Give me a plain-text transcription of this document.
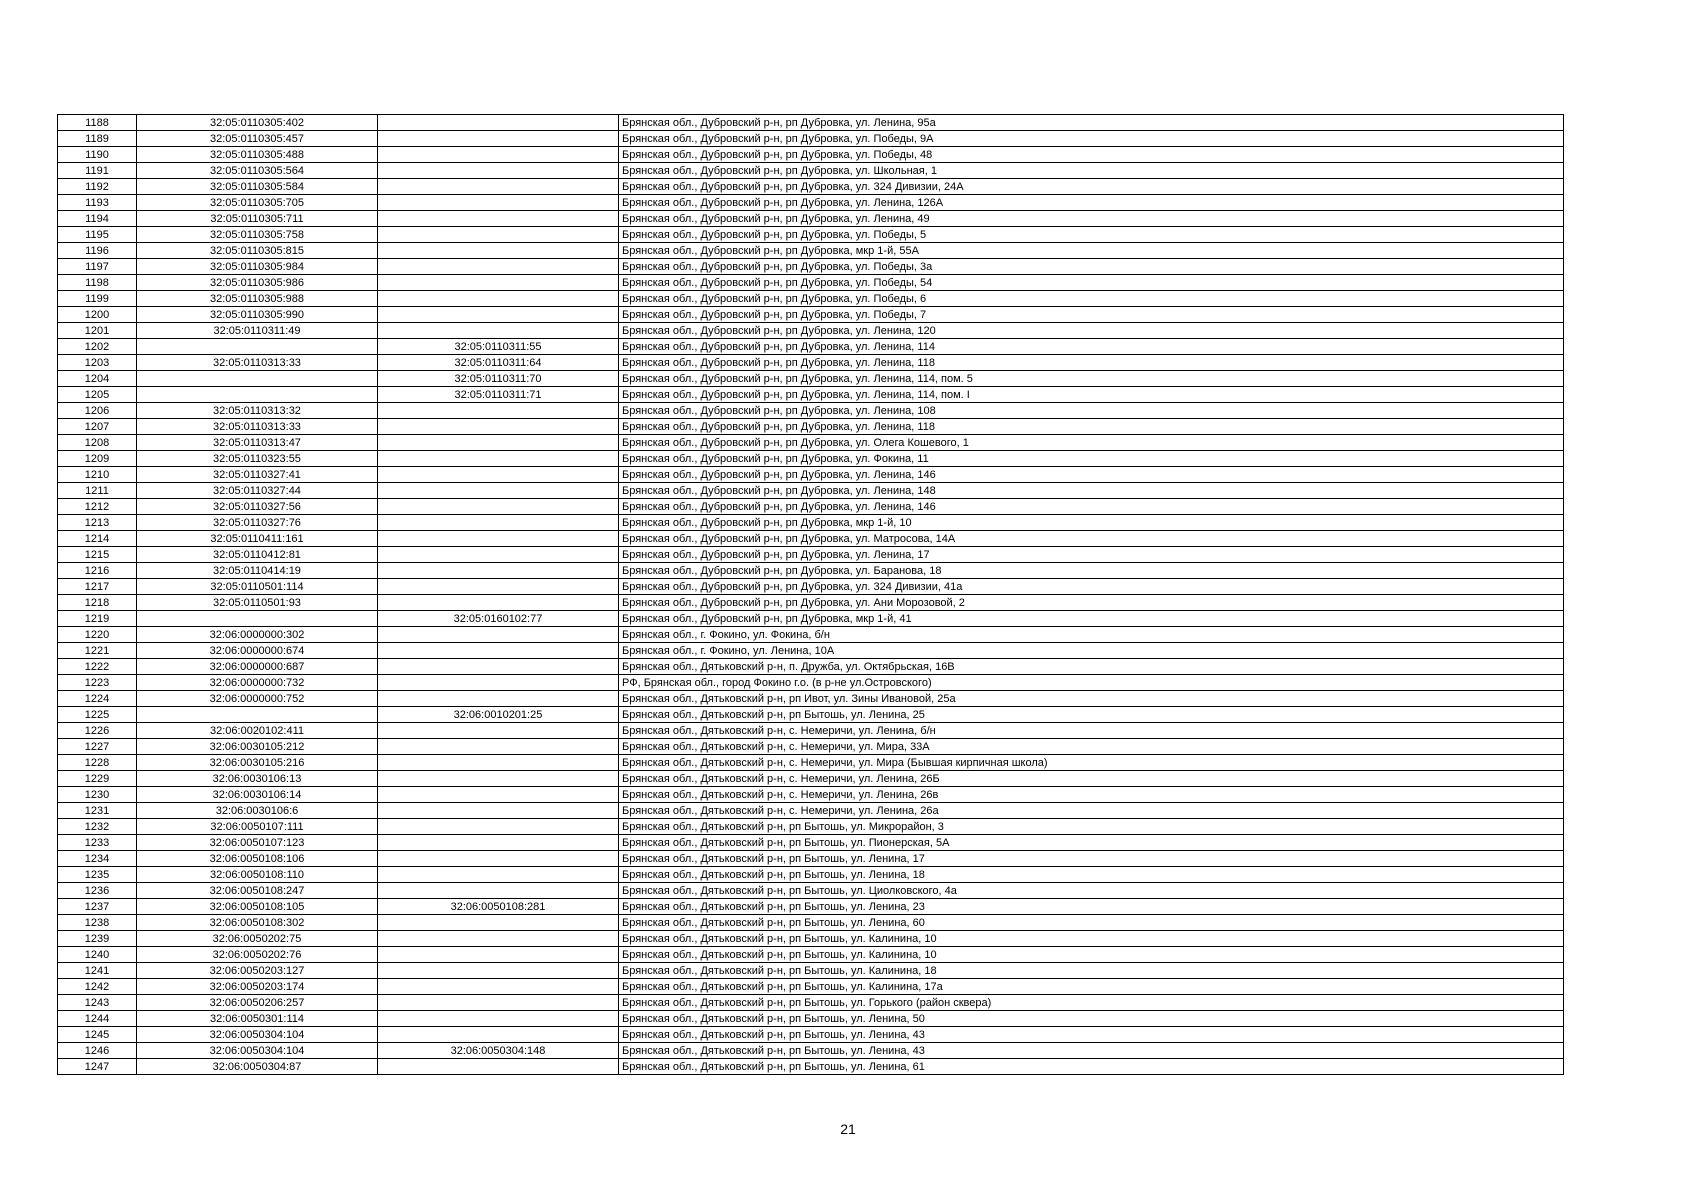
1188	32:05:0110305:402		Брянская обл., Дубровский р-н, рп Дубровка, ул. Ленина, 95а
1189	32:05:0110305:457		Брянская обл., Дубровский р-н, рп Дубровка, ул. Победы, 9А
1190	32:05:0110305:488		Брянская обл., Дубровский р-н, рп Дубровка, ул. Победы, 48
1191	32:05:0110305:564		Брянская обл., Дубровский р-н, рп Дубровка, ул. Школьная, 1
1192	32:05:0110305:584		Брянская обл., Дубровский р-н, рп Дубровка, ул. 324 Дивизии, 24А
1193	32:05:0110305:705		Брянская обл., Дубровский р-н, рп Дубровка, ул. Ленина, 126А
1194	32:05:0110305:711		Брянская обл., Дубровский р-н, рп Дубровка, ул. Ленина, 49
1195	32:05:0110305:758		Брянская обл., Дубровский р-н, рп Дубровка, ул. Победы, 5
1196	32:05:0110305:815		Брянская обл., Дубровский р-н, рп Дубровка, мкр 1-й, 55А
1197	32:05:0110305:984		Брянская обл., Дубровский р-н, рп Дубровка, ул. Победы, 3а
1198	32:05:0110305:986		Брянская обл., Дубровский р-н, рп Дубровка, ул. Победы, 54
1199	32:05:0110305:988		Брянская обл., Дубровский р-н, рп Дубровка, ул. Победы, 6
1200	32:05:0110305:990		Брянская обл., Дубровский р-н, рп Дубровка, ул. Победы, 7
1201	32:05:0110311:49		Брянская обл., Дубровский р-н, рп Дубровка, ул. Ленина, 120
1202		32:05:0110311:55	Брянская обл., Дубровский р-н, рп Дубровка, ул. Ленина, 114
1203	32:05:0110313:33	32:05:0110311:64	Брянская обл., Дубровский р-н, рп Дубровка, ул. Ленина, 118
1204		32:05:0110311:70	Брянская обл., Дубровский р-н, рп Дубровка, ул. Ленина, 114, пом. 5
1205		32:05:0110311:71	Брянская обл., Дубровский р-н, рп Дубровка, ул. Ленина, 114, пом. I
1206	32:05:0110313:32		Брянская обл., Дубровский р-н, рп Дубровка, ул. Ленина, 108
1207	32:05:0110313:33		Брянская обл., Дубровский р-н, рп Дубровка, ул. Ленина, 118
1208	32:05:0110313:47		Брянская обл., Дубровский р-н, рп Дубровка, ул. Олега Кошевого, 1
1209	32:05:0110323:55		Брянская обл., Дубровский р-н, рп Дубровка, ул. Фокина, 11
1210	32:05:0110327:41		Брянская обл., Дубровский р-н, рп Дубровка, ул. Ленина, 146
1211	32:05:0110327:44		Брянская обл., Дубровский р-н, рп Дубровка, ул. Ленина, 148
1212	32:05:0110327:56		Брянская обл., Дубровский р-н, рп Дубровка, ул. Ленина, 146
1213	32:05:0110327:76		Брянская обл., Дубровский р-н, рп Дубровка, мкр 1-й, 10
1214	32:05:0110411:161		Брянская обл., Дубровский р-н, рп Дубровка, ул. Матросова, 14А
1215	32:05:0110412:81		Брянская обл., Дубровский р-н, рп Дубровка, ул. Ленина, 17
1216	32:05:0110414:19		Брянская обл., Дубровский р-н, рп Дубровка, ул. Баранова, 18
1217	32:05:0110501:114		Брянская обл., Дубровский р-н, рп Дубровка, ул. 324 Дивизии, 41а
1218	32:05:0110501:93		Брянская обл., Дубровский р-н, рп Дубровка, ул. Ани Морозовой, 2
1219		32:05:0160102:77	Брянская обл., Дубровский р-н, рп Дубровка, мкр 1-й, 41
1220	32:06:0000000:302		Брянская обл., г. Фокино, ул. Фокина, б/н
1221	32:06:0000000:674		Брянская обл., г. Фокино, ул. Ленина, 10А
1222	32:06:0000000:687		Брянская обл., Дятьковский р-н, п. Дружба, ул. Октябрьская, 16В
1223	32:06:0000000:732		РФ, Брянская обл., город Фокино г.о. (в р-не ул.Островского)
1224	32:06:0000000:752		Брянская обл., Дятьковский р-н, рп Ивот, ул. Зины Ивановой, 25а
1225		32:06:0010201:25	Брянская обл., Дятьковский р-н, рп Бытошь, ул. Ленина, 25
1226	32:06:0020102:411		Брянская обл., Дятьковский р-н, с. Немеричи, ул. Ленина, б/н
1227	32:06:0030105:212		Брянская обл., Дятьковский р-н, с. Немеричи, ул. Мира, 33А
1228	32:06:0030105:216		Брянская обл., Дятьковский р-н, с. Немеричи, ул. Мира (Бывшая кирпичная школа)
1229	32:06:0030106:13		Брянская обл., Дятьковский р-н, с. Немеричи, ул. Ленина, 26Б
1230	32:06:0030106:14		Брянская обл., Дятьковский р-н, с. Немеричи, ул. Ленина, 26в
1231	32:06:0030106:6		Брянская обл., Дятьковский р-н, с. Немеричи, ул. Ленина, 26а
1232	32:06:0050107:111		Брянская обл., Дятьковский р-н, рп Бытошь, ул. Микрорайон, 3
1233	32:06:0050107:123		Брянская обл., Дятьковский р-н, рп Бытошь, ул. Пионерская, 5А
1234	32:06:0050108:106		Брянская обл., Дятьковский р-н, рп Бытошь, ул. Ленина, 17
1235	32:06:0050108:110		Брянская обл., Дятьковский р-н, рп Бытошь, ул. Ленина, 18
1236	32:06:0050108:247		Брянская обл., Дятьковский р-н, рп Бытошь, ул. Циолковского, 4а
1237	32:06:0050108:105	32:06:0050108:281	Брянская обл., Дятьковский р-н, рп Бытошь, ул. Ленина, 23
1238	32:06:0050108:302		Брянская обл., Дятьковский р-н, рп Бытошь, ул. Ленина, 60
1239	32:06:0050202:75		Брянская обл., Дятьковский р-н, рп Бытошь, ул. Калинина, 10
1240	32:06:0050202:76		Брянская обл., Дятьковский р-н, рп Бытошь, ул. Калинина, 10
1241	32:06:0050203:127		Брянская обл., Дятьковский р-н, рп Бытошь, ул. Калинина, 18
1242	32:06:0050203:174		Брянская обл., Дятьковский р-н, рп Бытошь, ул. Калинина, 17а
1243	32:06:0050206:257		Брянская обл., Дятьковский р-н, рп Бытошь, ул. Горького (район сквера)
1244	32:06:0050301:114		Брянская обл., Дятьковский р-н, рп Бытошь, ул. Ленина, 50
1245	32:06:0050304:104		Брянская обл., Дятьковский р-н, рп Бытошь, ул. Ленина, 43
1246	32:06:0050304:104	32:06:0050304:148	Брянская обл., Дятьковский р-н, рп Бытошь, ул. Ленина, 43
1247	32:06:0050304:87		Брянская обл., Дятьковский р-н, рп Бытошь, ул. Ленина, 61
21
